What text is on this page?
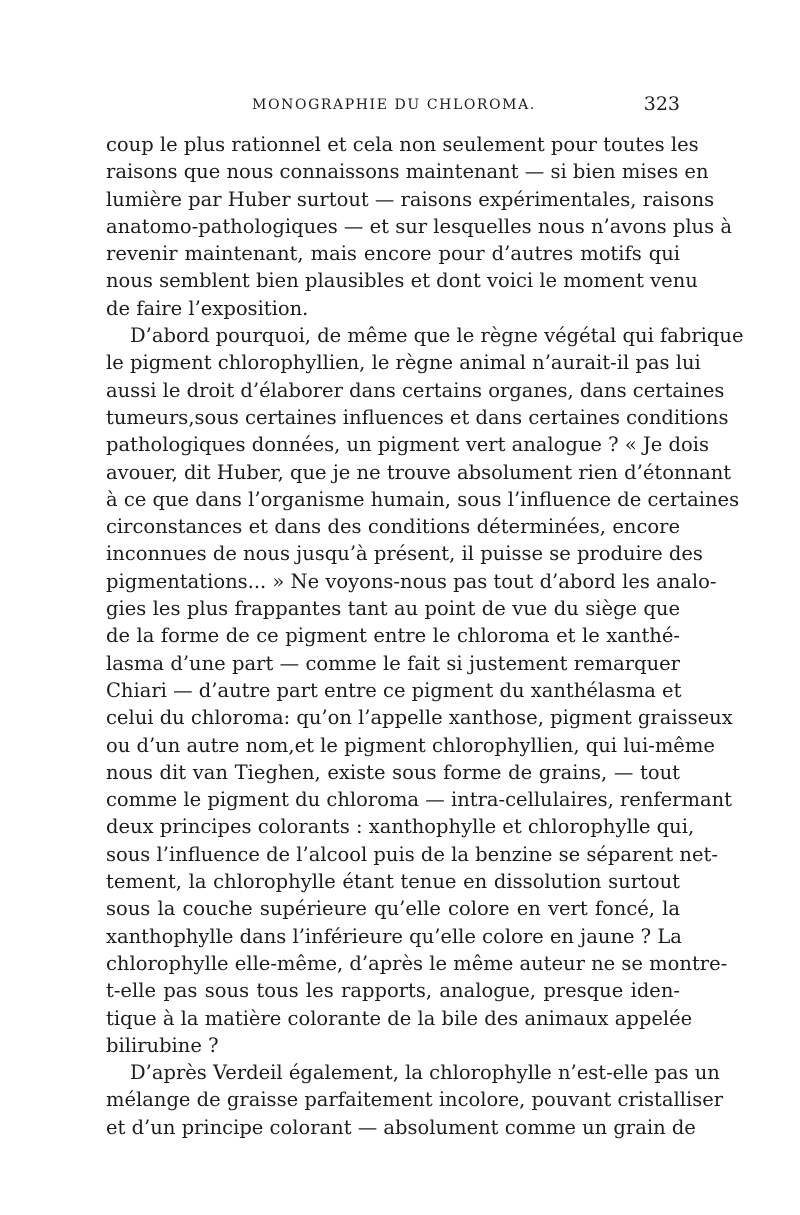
MONOGRAPHIE DU CHLOROMA.	323
coup le plus rationnel et cela non seulement pour toutes les
raisons que nous connaissons maintenant — si bien mises en
lumière par Huber surtout — raisons expérimentales, raisons
anatomo-pathologiques — et sur lesquelles nous n’avons plus à
revenir maintenant, mais encore pour d’autres motifs qui
nous semblent bien plausibles et dont voici le moment venu
de faire l’exposition.
D’abord pourquoi, de même que le règne végétal qui fabrique
le pigment chlorophyllien, le règne animal n’aurait-il pas lui
aussi le droit d’élaborer dans certains organes, dans certaines
tumeurs,sous certaines influences et dans certaines conditions
pathologiques données, un pigment vert analogue ? « Je dois
avouer, dit Huber, que je ne trouve absolument rien d’étonnant
à ce que dans l’organisme humain, sous l’influence de certaines
circonstances et dans des conditions déterminées, encore
inconnues de nous jusqu’à présent, il puisse se produire des
pigmentations... » Ne voyons-nous pas tout d’abord les analo-
gies les plus frappantes tant au point de vue du siège que
de la forme de ce pigment entre le chloroma et le xanthé-
lasma d’une part — comme le fait si justement remarquer
Chiari — d’autre part entre ce pigment du xanthélasma et
celui du chloroma: qu’on l’appelle xanthose, pigment graisseux
ou d’un autre nom,et le pigment chlorophyllien, qui lui-même
nous dit van Tieghen, existe sous forme de grains, — tout
comme le pigment du chloroma — intra-cellulaires, renfermant
deux principes colorants : xanthophylle et chlorophylle qui,
sous l’influence de l’alcool puis de la benzine se séparent net-
tement, la chlorophylle étant tenue en dissolution surtout
sous la couche supérieure qu’elle colore en vert foncé, la
xanthophylle dans l’inférieure qu’elle colore en jaune ? La
chlorophylle elle-même, d’après le même auteur ne se montre-
t-elle pas sous tous les rapports, analogue, presque iden-
tique à la matière colorante de la bile des animaux appelée
bilirubine ?
D’après Verdeil également, la chlorophylle n’est-elle pas un
mélange de graisse parfaitement incolore, pouvant cristalliser
et d’un principe colorant — absolument comme un grain de
